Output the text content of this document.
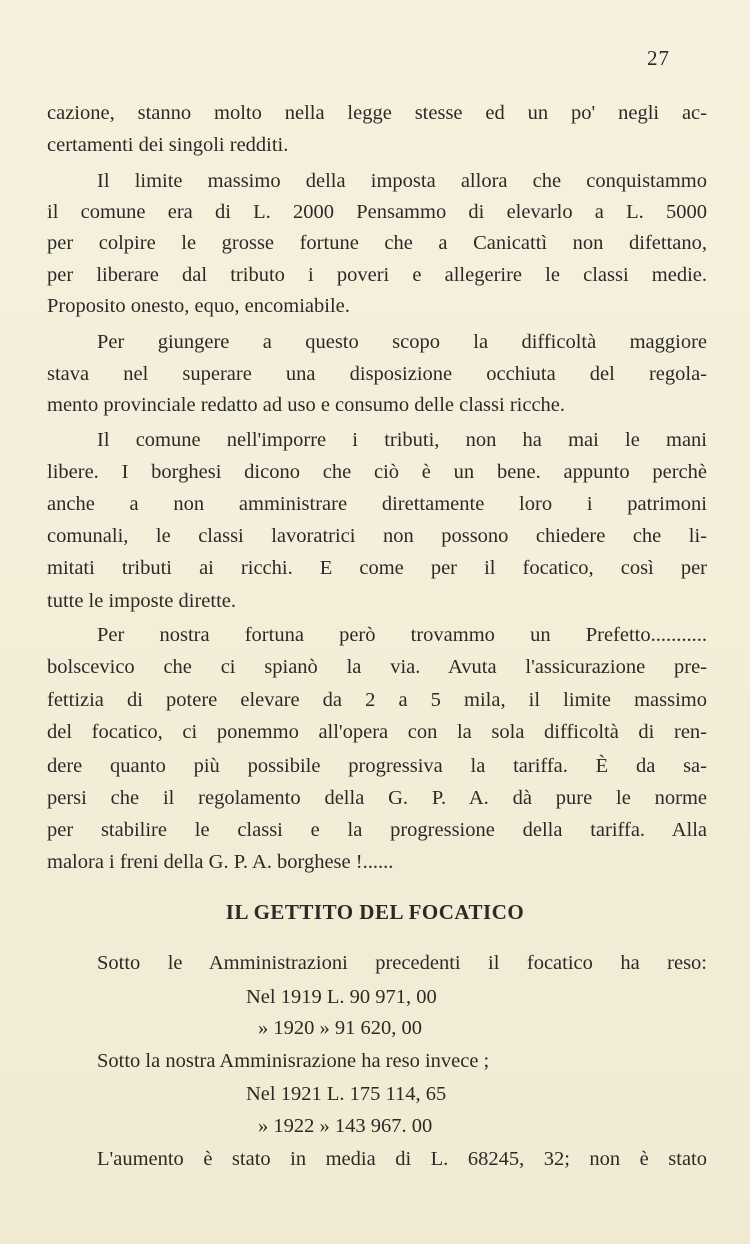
27
cazione, stanno molto nella legge stesse ed un po' negli ac-
certamenti dei singoli redditi.
Il limite massimo della imposta allora che conquistammo
il comune era di L. 2000 Pensammo di elevarlo a L. 5000
per colpire le grosse fortune che a Canicattì non difettano,
per liberare dal tributo i poveri e allegerire le classi medie.
Proposito onesto, equo, encomiabile.
Per giungere a questo scopo la difficoltà maggiore
stava nel superare una disposizione occhiuta del regola-
mento provinciale redatto ad uso e consumo delle classi ricche.
Il comune nell'imporre i tributi, non ha mai le mani
libere. I borghesi dicono che ciò è un bene. appunto perchè
anche a non amministrare direttamente loro i patrimoni
comunali, le classi lavoratrici non possono chiedere che li-
mitati tributi ai ricchi. E come per il focatico, così per
tutte le imposte dirette.
Per nostra fortuna però trovammo un Prefetto...........
bolscevico che ci spianò la via. Avuta l'assicurazione pre-
fettizia di potere elevare da 2 a 5 mila, il limite massimo
del focatico, ci ponemmo all'opera con la sola difficoltà di ren-
dere quanto più possibile progressiva la tariffa. È da sa-
persi che il regolamento della G. P. A. dà pure le norme
per stabilire le classi e la progressione della tariffa. Alla
malora i freni della G. P. A. borghese !......
IL GETTITO DEL FOCATICO
Sotto le Amministrazioni precedenti il focatico ha reso:
Nel 1919 L. 90 971, 00
» 1920 » 91 620, 00
Sotto la nostra Amminisrazione ha reso invece ;
Nel 1921 L. 175 114, 65
» 1922 » 143 967. 00
L'aumento è stato in media di L. 68245, 32; non è stato
